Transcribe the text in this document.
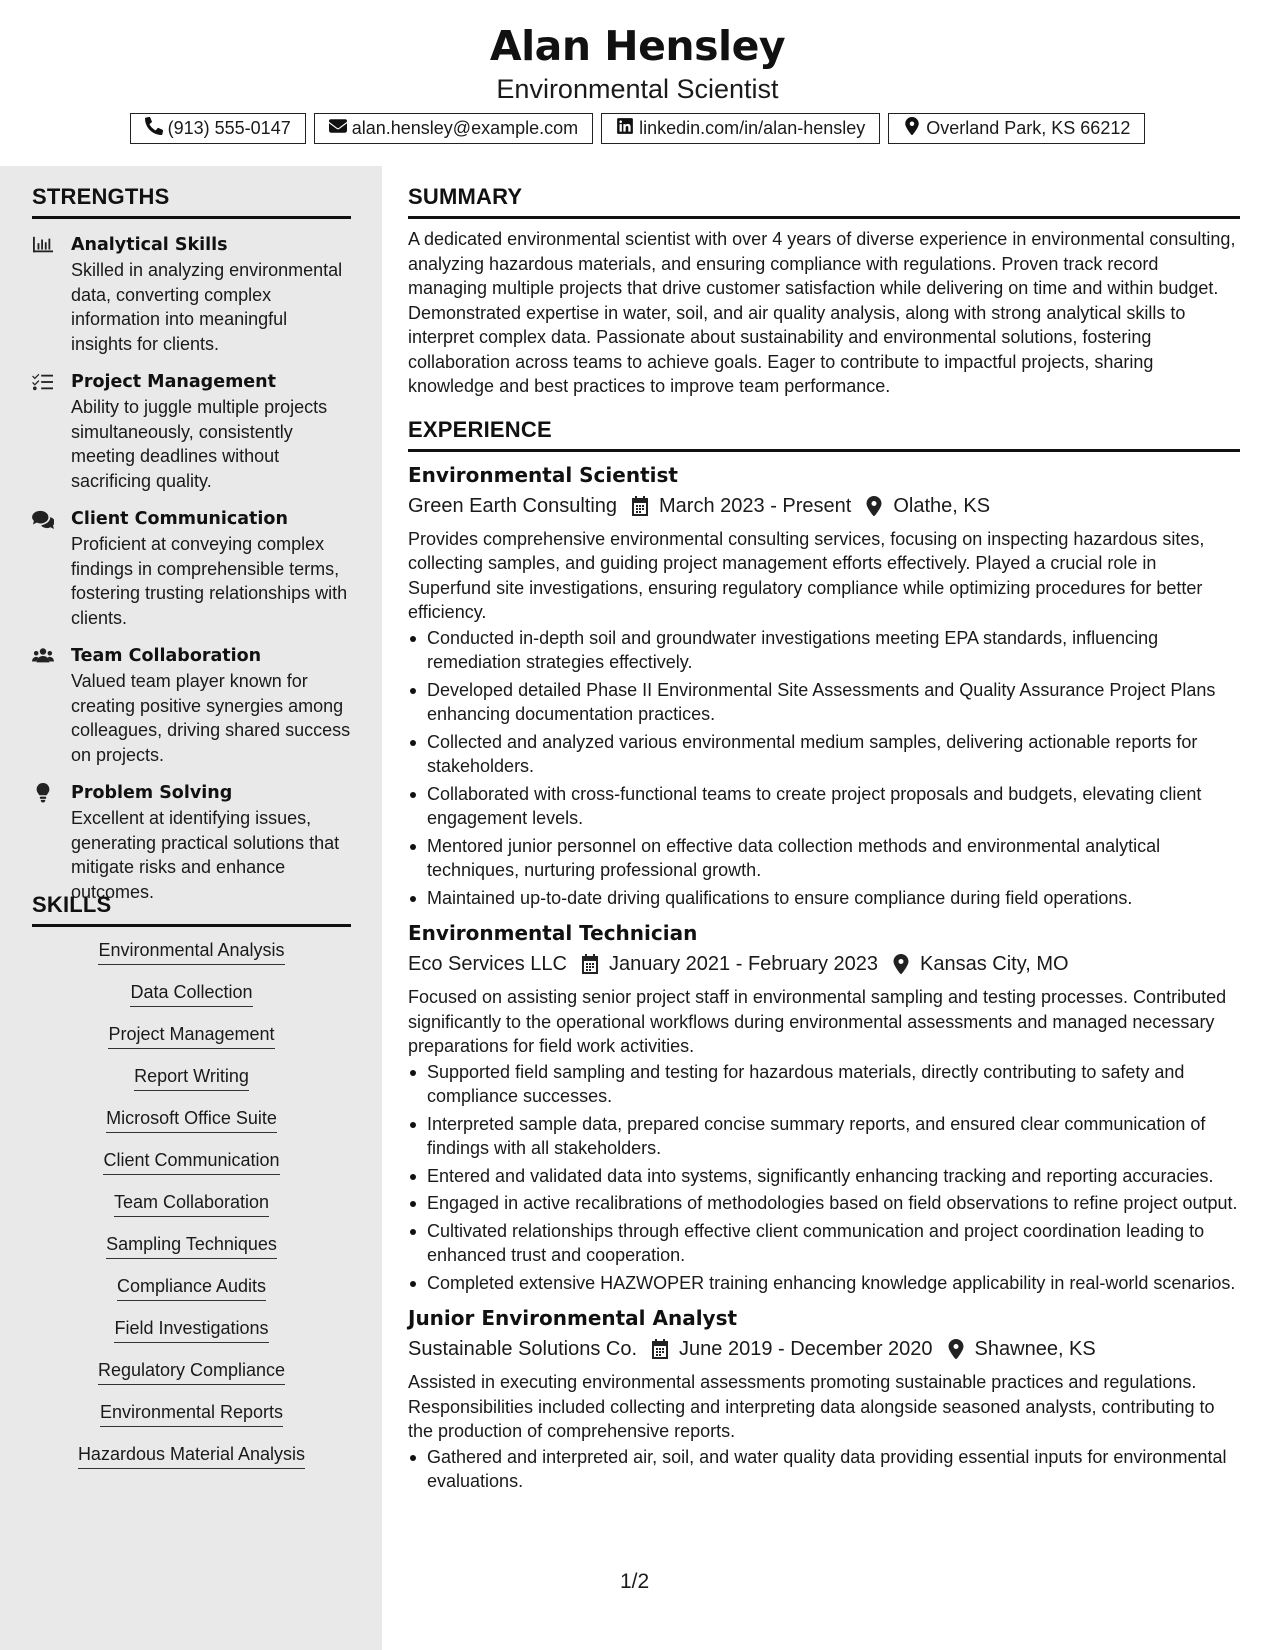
Alan Hensley
Environmental Scientist
(913) 555-0147	alan.hensley@example.com	linkedin.com/in/alan-hensley	Overland Park, KS 66212
STRENGTHS
Analytical Skills
Skilled in analyzing environmental data, converting complex information into meaningful insights for clients.
Project Management
Ability to juggle multiple projects simultaneously, consistently meeting deadlines without sacrificing quality.
Client Communication
Proficient at conveying complex findings in comprehensible terms, fostering trusting relationships with clients.
Team Collaboration
Valued team player known for creating positive synergies among colleagues, driving shared success on projects.
Problem Solving
Excellent at identifying issues, generating practical solutions that mitigate risks and enhance outcomes.
SKILLS
Environmental Analysis
Data Collection
Project Management
Report Writing
Microsoft Office Suite
Client Communication
Team Collaboration
Sampling Techniques
Compliance Audits
Field Investigations
Regulatory Compliance
Environmental Reports
Hazardous Material Analysis
SUMMARY
A dedicated environmental scientist with over 4 years of diverse experience in environmental consulting, analyzing hazardous materials, and ensuring compliance with regulations. Proven track record managing multiple projects that drive customer satisfaction while delivering on time and within budget. Demonstrated expertise in water, soil, and air quality analysis, along with strong analytical skills to interpret complex data. Passionate about sustainability and environmental solutions, fostering collaboration across teams to achieve goals. Eager to contribute to impactful projects, sharing knowledge and best practices to improve team performance.
EXPERIENCE
Environmental Scientist
Green Earth Consulting March 2023 - Present Olathe, KS
Provides comprehensive environmental consulting services, focusing on inspecting hazardous sites, collecting samples, and guiding project management efforts effectively. Played a crucial role in Superfund site investigations, ensuring regulatory compliance while optimizing procedures for better efficiency.
Conducted in-depth soil and groundwater investigations meeting EPA standards, influencing remediation strategies effectively.
Developed detailed Phase II Environmental Site Assessments and Quality Assurance Project Plans enhancing documentation practices.
Collected and analyzed various environmental medium samples, delivering actionable reports for stakeholders.
Collaborated with cross-functional teams to create project proposals and budgets, elevating client engagement levels.
Mentored junior personnel on effective data collection methods and environmental analytical techniques, nurturing professional growth.
Maintained up-to-date driving qualifications to ensure compliance during field operations.
Environmental Technician
Eco Services LLC January 2021 - February 2023 Kansas City, MO
Focused on assisting senior project staff in environmental sampling and testing processes. Contributed significantly to the operational workflows during environmental assessments and managed necessary preparations for field work activities.
Supported field sampling and testing for hazardous materials, directly contributing to safety and compliance successes.
Interpreted sample data, prepared concise summary reports, and ensured clear communication of findings with all stakeholders.
Entered and validated data into systems, significantly enhancing tracking and reporting accuracies.
Engaged in active recalibrations of methodologies based on field observations to refine project output.
Cultivated relationships through effective client communication and project coordination leading to enhanced trust and cooperation.
Completed extensive HAZWOPER training enhancing knowledge applicability in real-world scenarios.
Junior Environmental Analyst
Sustainable Solutions Co. June 2019 - December 2020 Shawnee, KS
Assisted in executing environmental assessments promoting sustainable practices and regulations. Responsibilities included collecting and interpreting data alongside seasoned analysts, contributing to the production of comprehensive reports.
Gathered and interpreted air, soil, and water quality data providing essential inputs for environmental evaluations.
1/2
